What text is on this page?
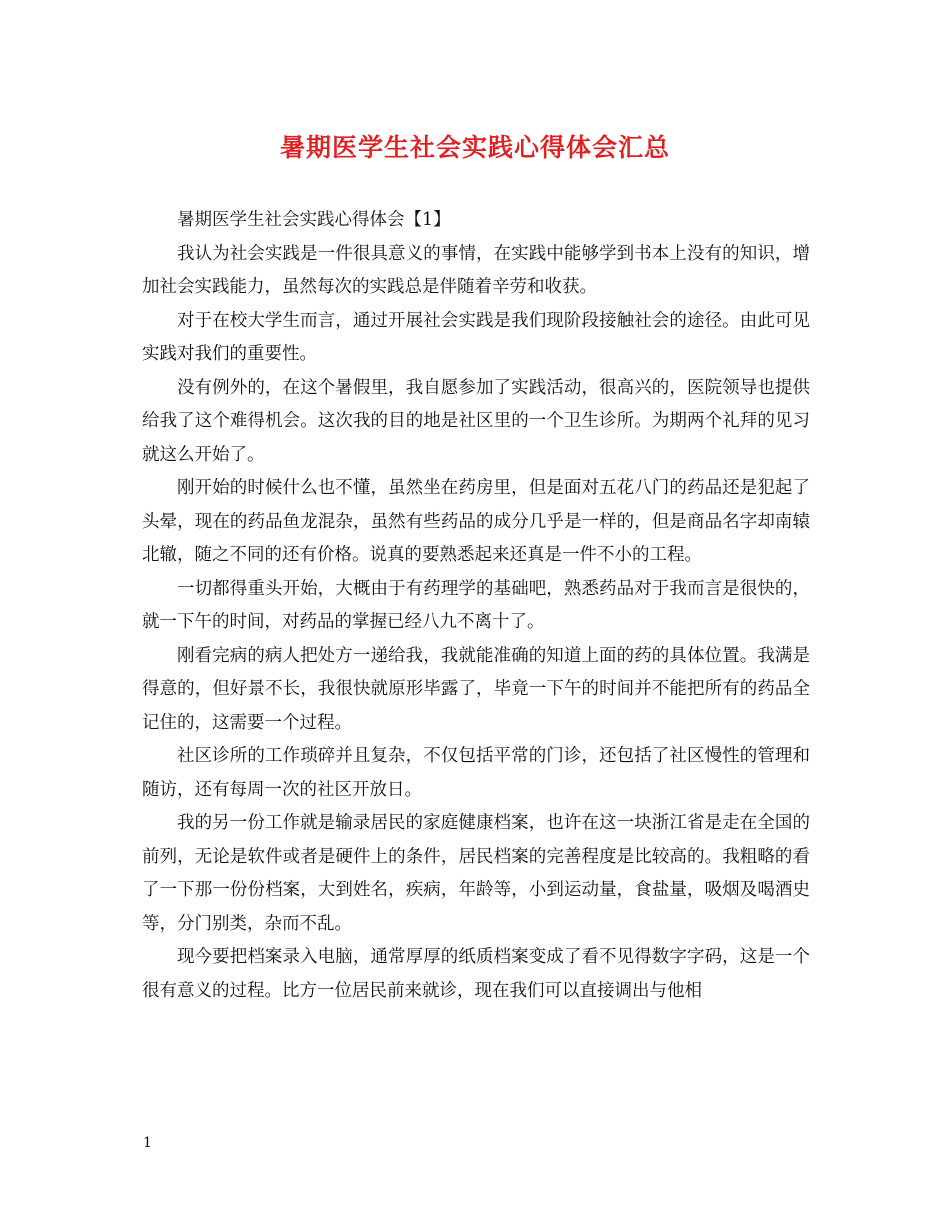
暑期医学生社会实践心得体会汇总

暑期医学生社会实践心得体会【1】

我认为社会实践是一件很具意义的事情，在实践中能够学到书本上没有的知识，增加社会实践能力，虽然每次的实践总是伴随着辛劳和收获。

对于在校大学生而言，通过开展社会实践是我们现阶段接触社会的途径。由此可见实践对我们的重要性。

没有例外的，在这个暑假里，我自愿参加了实践活动，很高兴的，医院领导也提供给我了这个难得机会。这次我的目的地是社区里的一个卫生诊所。为期两个礼拜的见习就这么开始了。

刚开始的时候什么也不懂，虽然坐在药房里，但是面对五花八门的药品还是犯起了头晕，现在的药品鱼龙混杂，虽然有些药品的成分几乎是一样的，但是商品名字却南辕北辙，随之不同的还有价格。说真的要熟悉起来还真是一件不小的工程。

一切都得重头开始，大概由于有药理学的基础吧，熟悉药品对于我而言是很快的，就一下午的时间，对药品的掌握已经八九不离十了。

刚看完病的病人把处方一递给我，我就能准确的知道上面的药的具体位置。我满是得意的，但好景不长，我很快就原形毕露了，毕竟一下午的时间并不能把所有的药品全记住的，这需要一个过程。

社区诊所的工作琐碎并且复杂，不仅包括平常的门诊，还包括了社区慢性的管理和随访，还有每周一次的社区开放日。

我的另一份工作就是输录居民的家庭健康档案，也许在这一块浙江省是走在全国的前列，无论是软件或者是硬件上的条件，居民档案的完善程度是比较高的。我粗略的看了一下那一份份档案，大到姓名，疾病，年龄等，小到运动量，食盐量，吸烟及喝酒史等，分门别类，杂而不乱。

现今要把档案录入电脑，通常厚厚的纸质档案变成了看不见得数字字码，这是一个很有意义的过程。比方一位居民前来就诊，现在我们可以直接调出与他相

1
